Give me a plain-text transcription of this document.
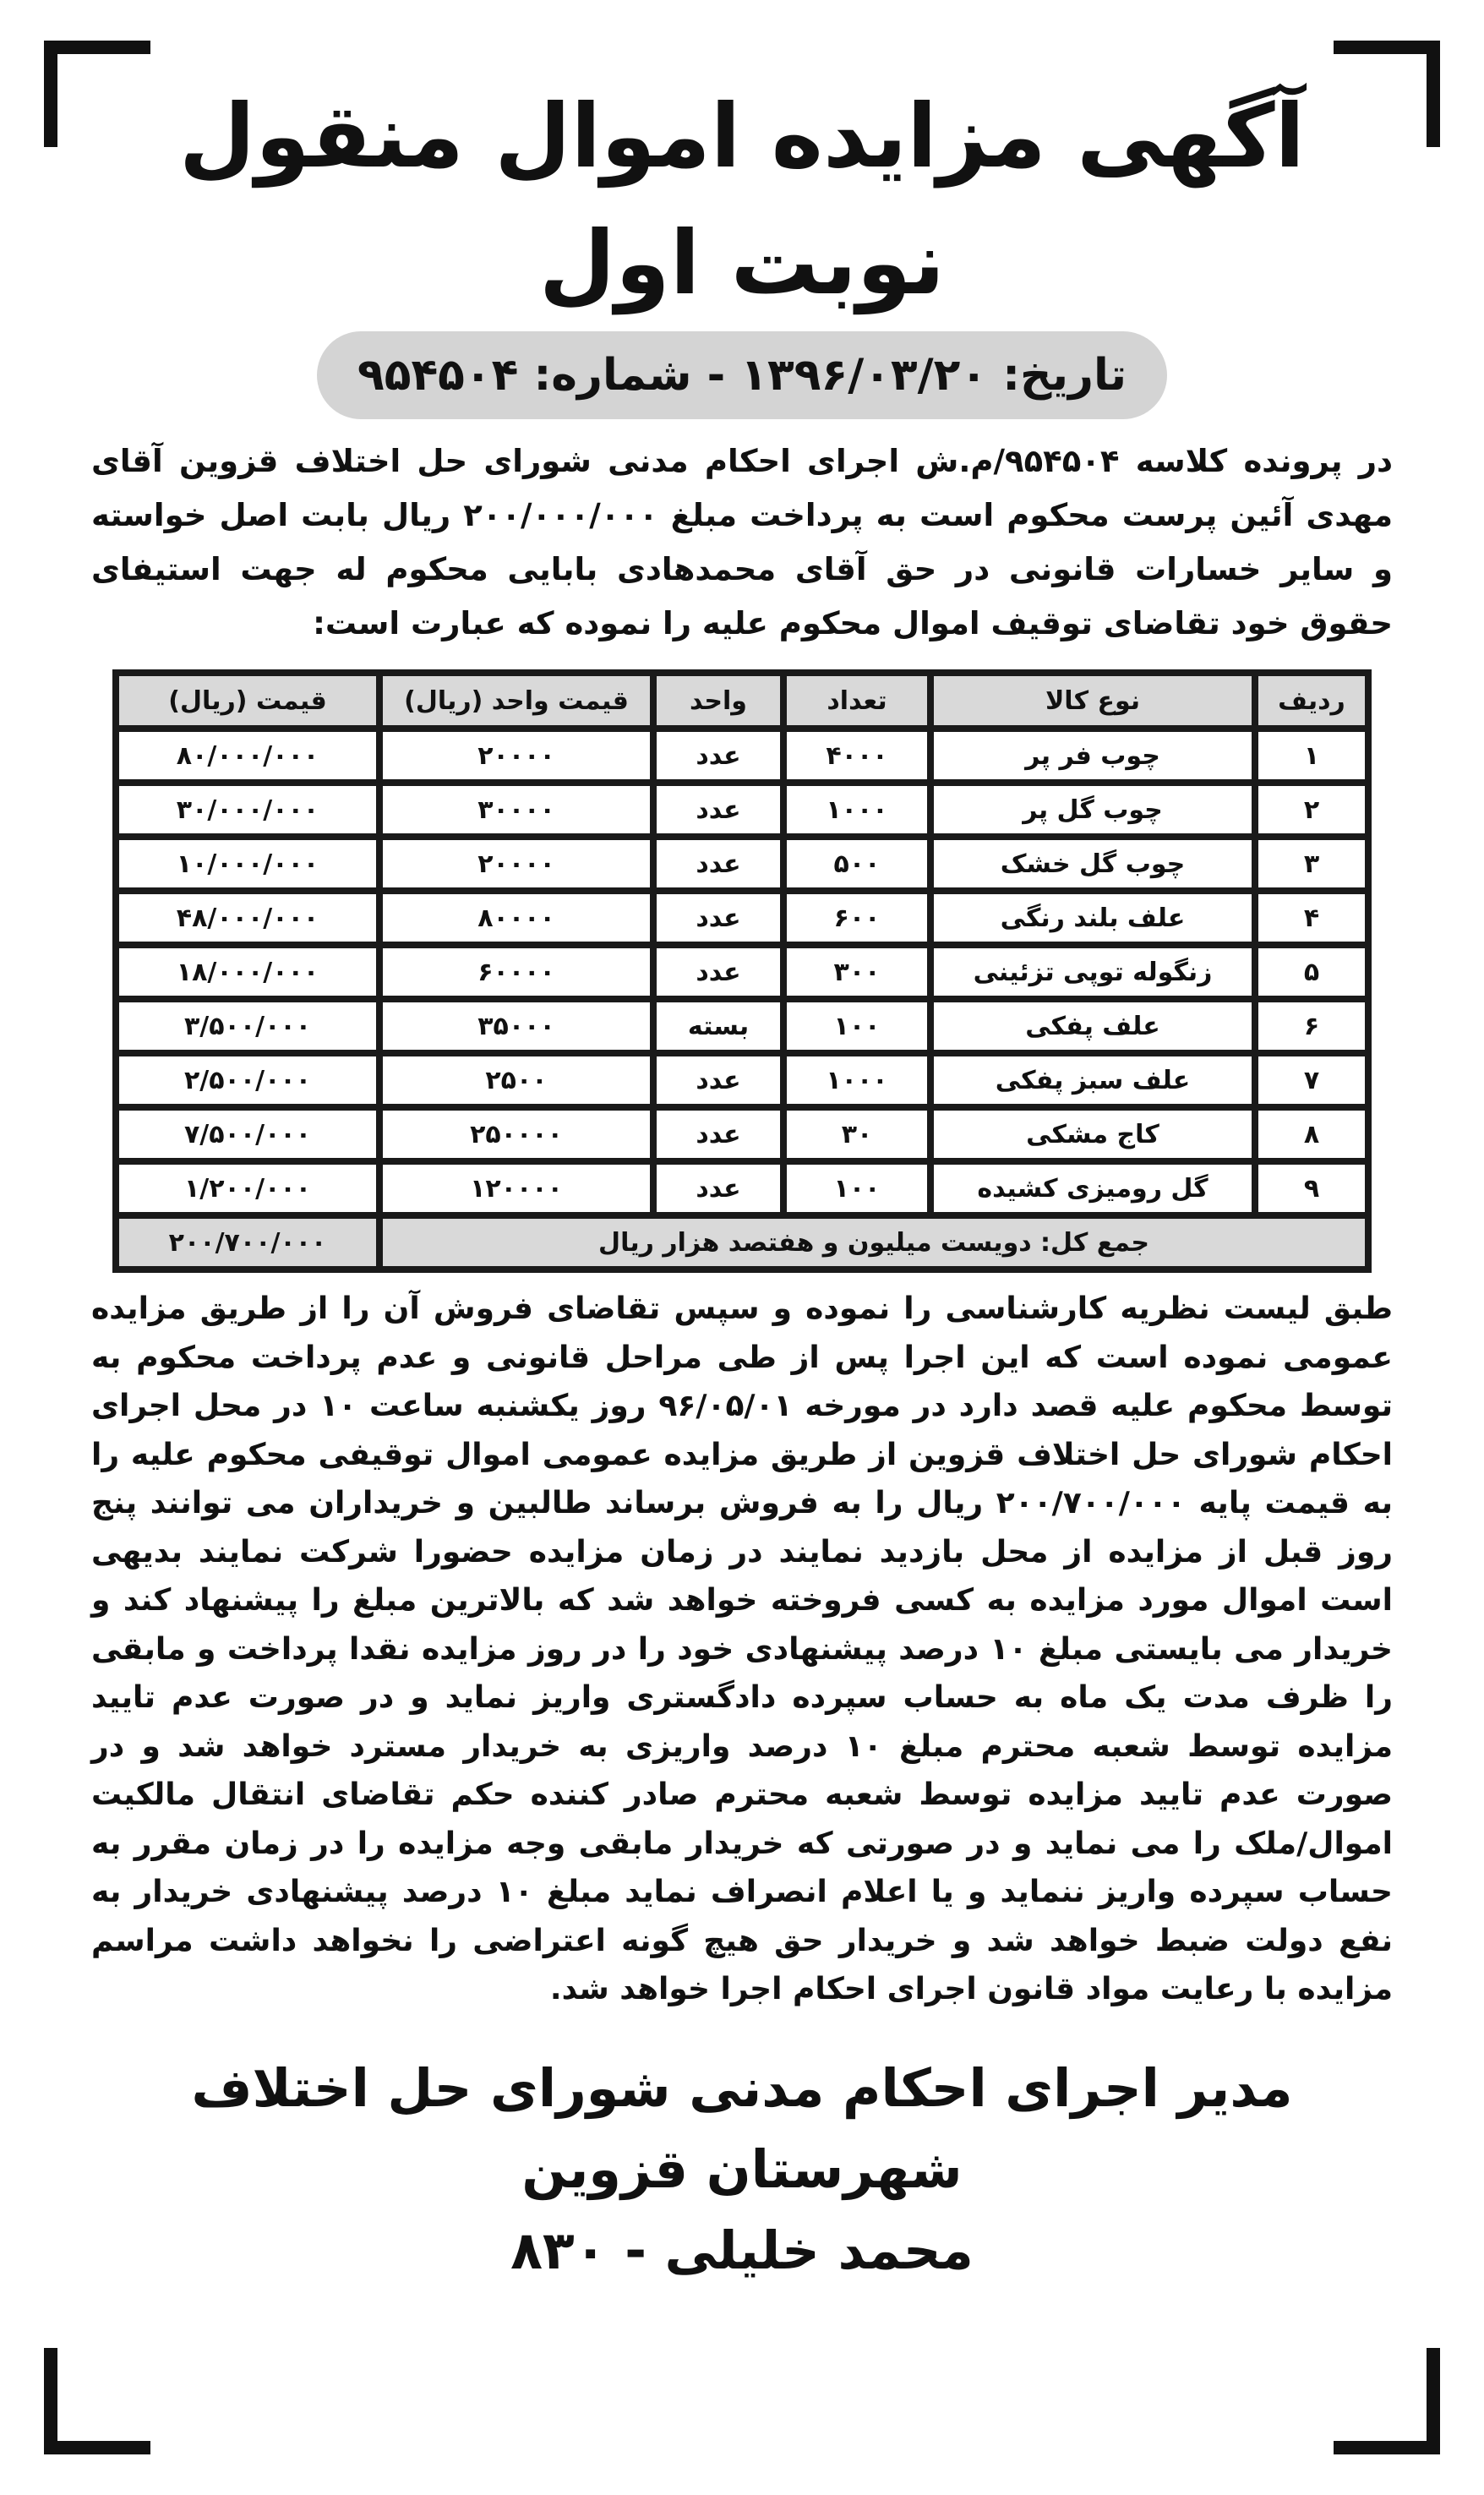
آگهی مزایده اموال منقول نوبت اول
تاریخ: ۱۳۹۶/۰۳/۲۰ - شماره: ۹۵۴۵۰۴

در پرونده کلاسه ۹۵۴۵۰۴/م.ش اجرای احکام مدنی شورای حل اختلاف قزوین آقای مهدی آئین پرست محکوم است به پرداخت مبلغ ۲۰۰/۰۰۰/۰۰۰ ریال بابت اصل خواسته و سایر خسارات قانونی در حق آقای محمدهادی بابایی محکوم له جهت استیفای حقوق خود تقاضای توقیف اموال محکوم علیه را نموده که عبارت است:

ردیف	نوع کالا	تعداد	واحد	قیمت واحد (ریال)	قیمت (ریال)
۱	چوب فر پر	۴۰۰۰	عدد	۲۰۰۰۰	۸۰/۰۰۰/۰۰۰
۲	چوب گل پر	۱۰۰۰	عدد	۳۰۰۰۰	۳۰/۰۰۰/۰۰۰
۳	چوب گل خشک	۵۰۰	عدد	۲۰۰۰۰	۱۰/۰۰۰/۰۰۰
۴	علف بلند رنگی	۶۰۰	عدد	۸۰۰۰۰	۴۸/۰۰۰/۰۰۰
۵	زنگوله توپی تزئینی	۳۰۰	عدد	۶۰۰۰۰	۱۸/۰۰۰/۰۰۰
۶	علف پفکی	۱۰۰	بسته	۳۵۰۰۰	۳/۵۰۰/۰۰۰
۷	علف سبز پفکی	۱۰۰۰	عدد	۲۵۰۰	۲/۵۰۰/۰۰۰
۸	کاج مشکی	۳۰	عدد	۲۵۰۰۰۰	۷/۵۰۰/۰۰۰
۹	گل رومیزی کشیده	۱۰۰	عدد	۱۲۰۰۰۰	۱/۲۰۰/۰۰۰
جمع کل: دویست میلیون و هفتصد هزار ریال					۲۰۰/۷۰۰/۰۰۰

طبق لیست نظریه کارشناسی را نموده و سپس تقاضای فروش آن را از طریق مزایده عمومی نموده است که این اجرا پس از طی مراحل قانونی و عدم پرداخت محکوم به توسط محکوم علیه قصد دارد در مورخه ۹۶/۰۵/۰۱ روز یکشنبه ساعت ۱۰ در محل اجرای احکام شورای حل اختلاف قزوین از طریق مزایده عمومی اموال توقیفی محکوم علیه را به قیمت پایه ۲۰۰/۷۰۰/۰۰۰ ریال را به فروش برساند طالبین و خریداران می توانند پنج روز قبل از مزایده از محل بازدید نمایند در زمان مزایده حضورا شرکت نمایند بدیهی است اموال مورد مزایده به کسی فروخته خواهد شد که بالاترین مبلغ را پیشنهاد کند و خریدار می بایستی مبلغ ۱۰ درصد پیشنهادی خود را در روز مزایده نقدا پرداخت و مابقی را ظرف مدت یک ماه به حساب سپرده دادگستری واریز نماید و در صورت عدم تایید مزایده توسط شعبه محترم مبلغ ۱۰ درصد واریزی به خریدار مسترد خواهد شد و در صورت عدم تایید مزایده توسط شعبه محترم صادر کننده حکم تقاضای انتقال مالکیت اموال/ملک را می نماید و در صورتی که خریدار مابقی وجه مزایده را در زمان مقرر به حساب سپرده واریز ننماید و یا اعلام انصراف نماید مبلغ ۱۰ درصد پیشنهادی خریدار به نفع دولت ضبط خواهد شد و خریدار حق هیچ گونه اعتراضی را نخواهد داشت مراسم مزایده با رعایت مواد قانون اجرای احکام اجرا خواهد شد.

مدیر اجرای احکام مدنی شورای حل اختلاف شهرستان قزوین
محمد خلیلی - ۸۳۰
